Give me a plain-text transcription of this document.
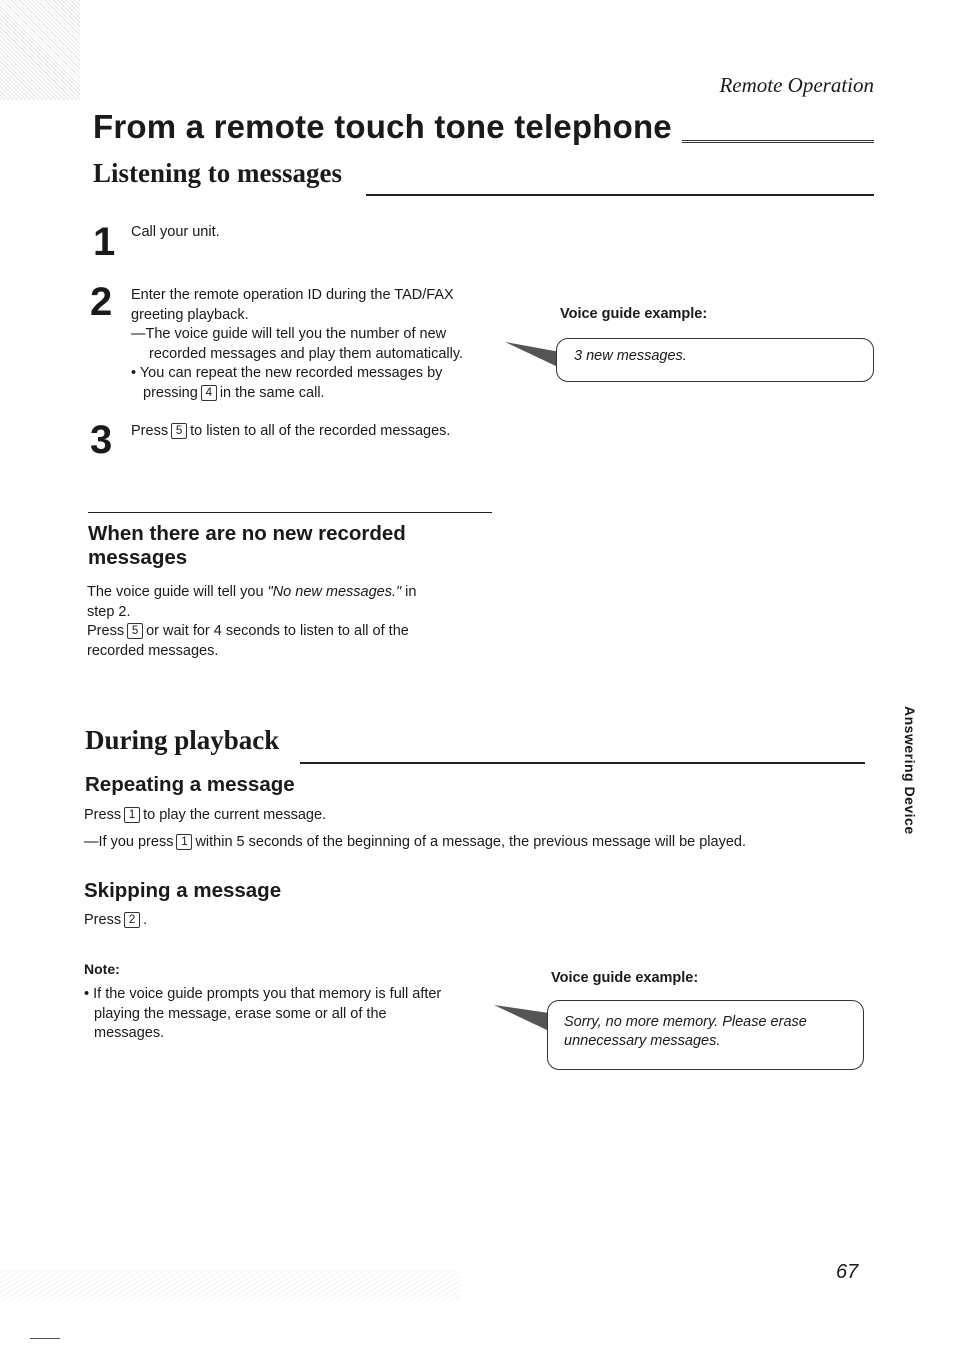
Remote Operation
From a remote touch tone telephone
Listening to messages
1 Call your unit.
2 Enter the remote operation ID during the TAD/FAX
greeting playback.
—The voice guide will tell you the number of new
recorded messages and play them automatically.
• You can repeat the new recorded messages by
pressing 4 in the same call.
3 Press 5 to listen to all of the recorded messages.
Voice guide example:
3 new messages.
When there are no new recorded
messages
The voice guide will tell you "No new messages." in
step 2.
Press 5 or wait for 4 seconds to listen to all of the
recorded messages.
During playback
Repeating a message
Press 1 to play the current message.
—If you press 1 within 5 seconds of the beginning of a message, the previous message will be played.
Skipping a message
Press 2 .
Note:
• If the voice guide prompts you that memory is full after
playing the message, erase some or all of the
messages.
Voice guide example:
Sorry, no more memory. Please erase
unnecessary messages.
Answering Device
67
